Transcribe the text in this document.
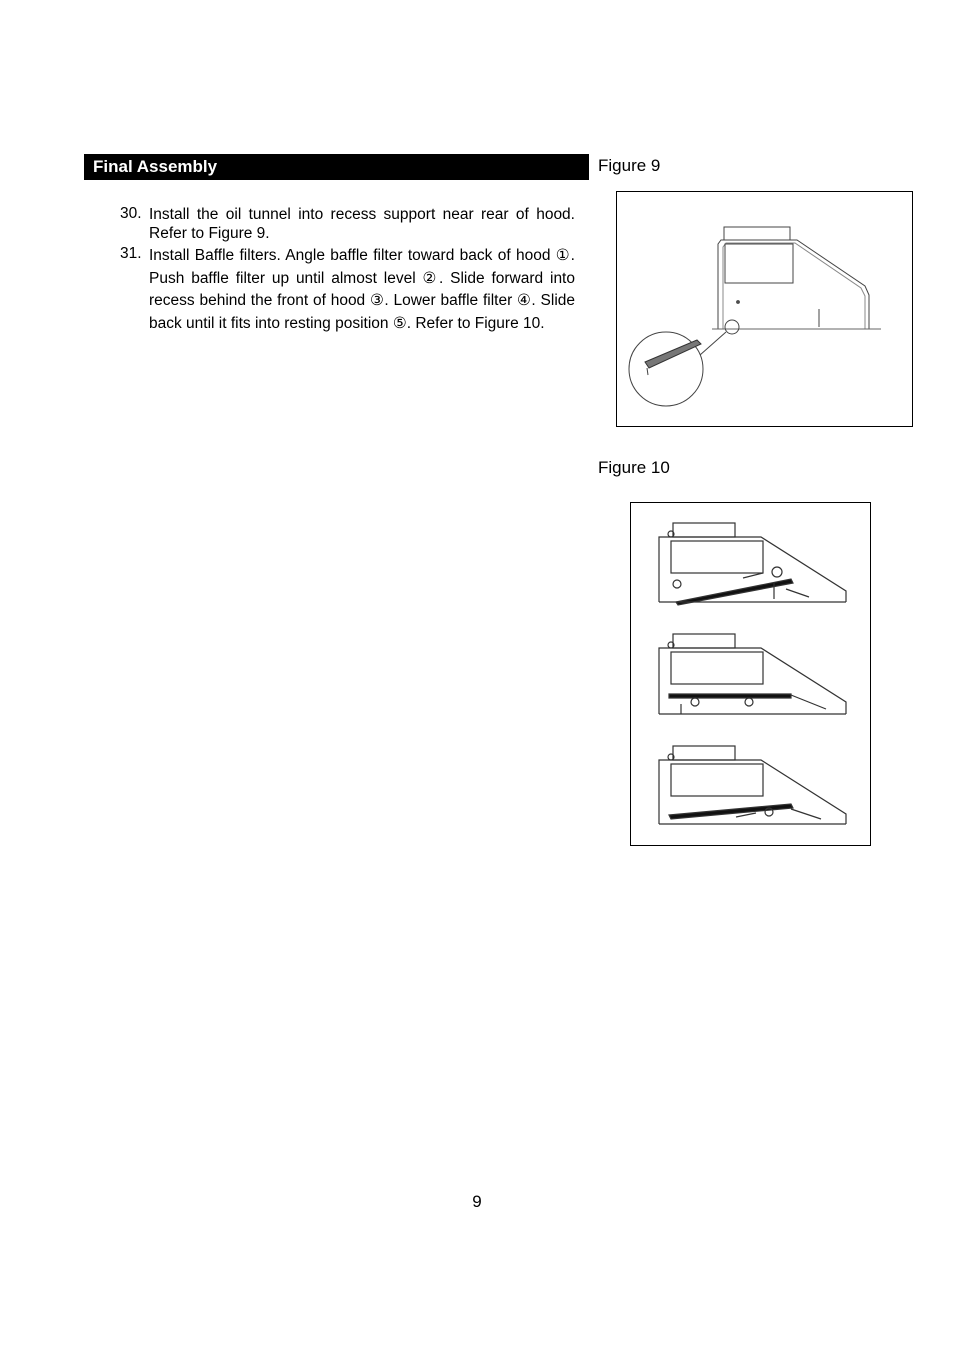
Final Assembly
30. Install the oil tunnel into recess support near rear of hood. Refer to Figure 9.
31. Install Baffle filters. Angle baffle filter toward back of hood ①. Push baffle filter up until almost level ②. Slide forward into recess behind the front of hood ③. Lower baffle filter ④. Slide back until it fits into resting position ⑤. Refer to Figure 10.
Figure 9
Figure 10
9
